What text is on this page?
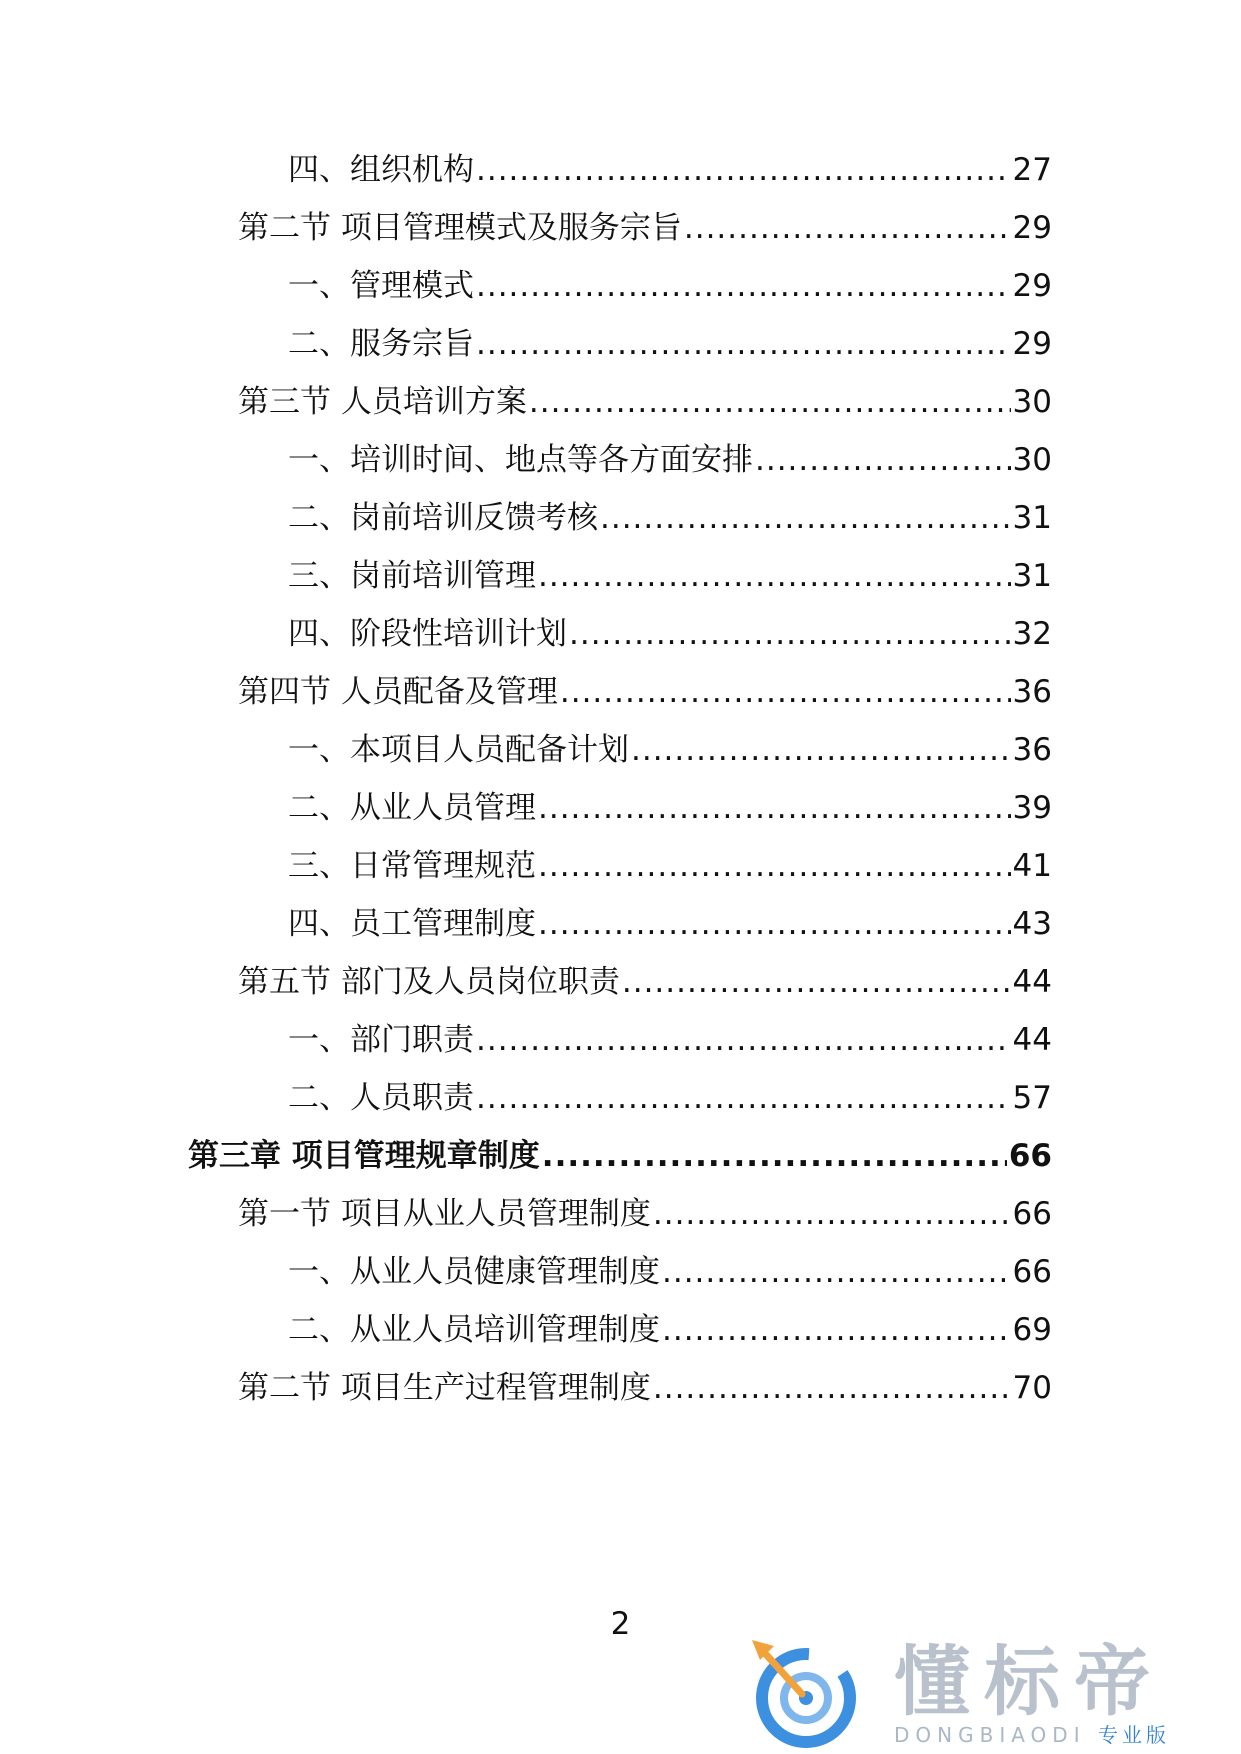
四、组织机构 .....	27
第二节 项目管理模式及服务宗旨 .....	29
一、管理模式 .....	29
二、服务宗旨 .....	29
第三节 人员培训方案 .....	30
一、培训时间、地点等各方面安排 .....	30
二、岗前培训反馈考核 .....	31
三、岗前培训管理 .....	31
四、阶段性培训计划 .....	32
第四节 人员配备及管理 .....	36
一、本项目人员配备计划 .....	36
二、从业人员管理 .....	39
三、日常管理规范 .....	41
四、员工管理制度 .....	43
第五节 部门及人员岗位职责 .....	44
一、部门职责 .....	44
二、人员职责 .....	57
第三章 项目管理规章制度 .....	66
第一节 项目从业人员管理制度 .....	66
一、从业人员健康管理制度 .....	66
二、从业人员培训管理制度 .....	69
第二节 项目生产过程管理制度 .....	70
2
懂标帝
DONGBIAODI 专业版
